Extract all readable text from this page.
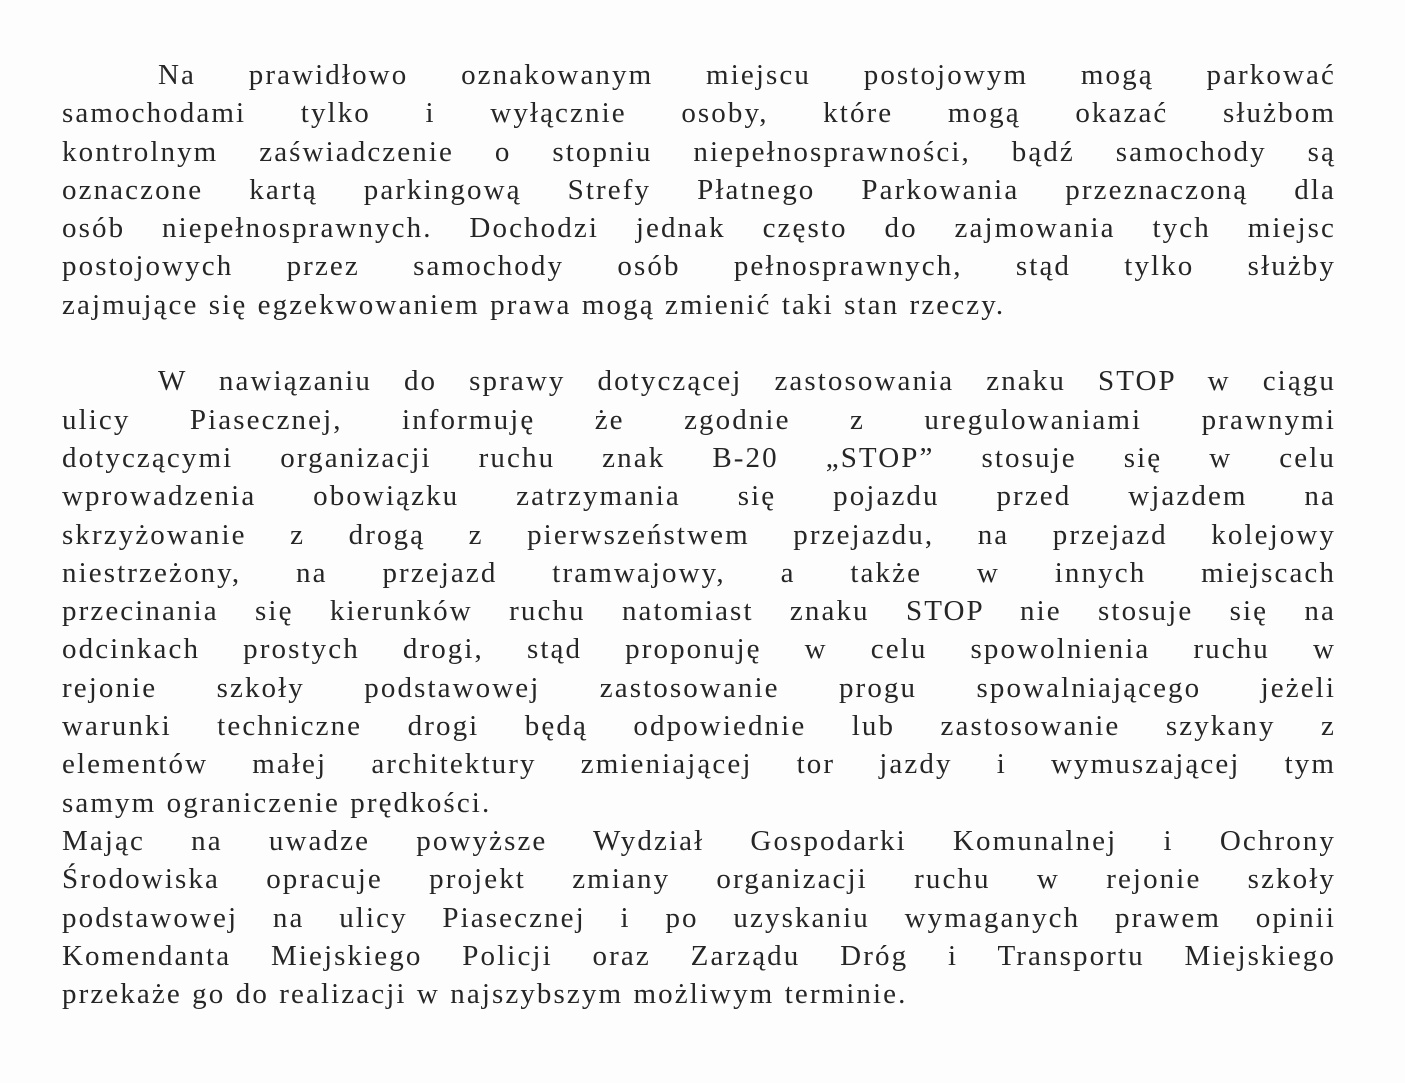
Na prawidłowo oznakowanym miejscu postojowym mogą parkować
samochodami tylko i wyłącznie osoby, które mogą okazać służbom
kontrolnym zaświadczenie o stopniu niepełnosprawności, bądź samochody są
oznaczone kartą parkingową Strefy Płatnego Parkowania przeznaczoną dla
osób niepełnosprawnych. Dochodzi jednak często do zajmowania tych miejsc
postojowych przez samochody osób pełnosprawnych, stąd tylko służby
zajmujące się egzekwowaniem prawa mogą zmienić taki stan rzeczy.
W nawiązaniu do sprawy dotyczącej zastosowania znaku STOP w ciągu
ulicy Piasecznej, informuję że zgodnie z uregulowaniami prawnymi
dotyczącymi organizacji ruchu znak B-20 „STOP” stosuje się w celu
wprowadzenia obowiązku zatrzymania się pojazdu przed wjazdem na
skrzyżowanie z drogą z pierwszeństwem przejazdu, na przejazd kolejowy
niestrzeżony, na przejazd tramwajowy, a także w innych miejscach
przecinania się kierunków ruchu natomiast znaku STOP nie stosuje się na
odcinkach prostych drogi, stąd proponuję w celu spowolnienia ruchu w
rejonie szkoły podstawowej zastosowanie progu spowalniającego jeżeli
warunki techniczne drogi będą odpowiednie lub zastosowanie szykany z
elementów małej architektury zmieniającej tor jazdy i wymuszającej tym
samym ograniczenie prędkości.
Mając na uwadze powyższe Wydział Gospodarki Komunalnej i Ochrony
Środowiska opracuje projekt zmiany organizacji ruchu w rejonie szkoły
podstawowej na ulicy Piasecznej i po uzyskaniu wymaganych prawem opinii
Komendanta Miejskiego Policji oraz Zarządu Dróg i Transportu Miejskiego
przekaże go do realizacji w najszybszym możliwym terminie.
